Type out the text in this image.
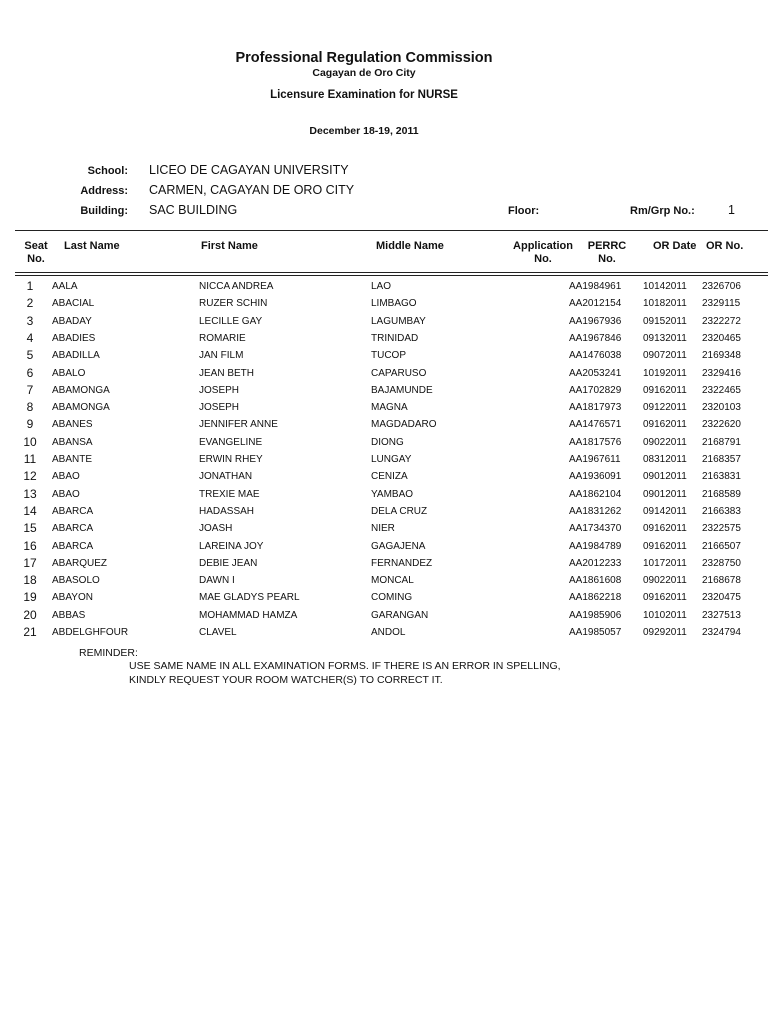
Professional Regulation Commission
Cagayan de Oro City
Licensure Examination for NURSE
December 18-19, 2011
School: LICEO DE CAGAYAN UNIVERSITY
Address: CARMEN, CAGAYAN DE ORO CITY
Building: SAC BUILDING	Floor:	Rm/Grp No.:	1
Seat
No.
Last Name	First Name	Middle Name	Application
No.
PERRC
No.
OR Date OR No.
1	AALA	NICCA ANDREA	LAO	AA1984961 10142011 2326706
2	ABACIAL	RUZER SCHIN	LIMBAGO	AA2012154 10182011 2329115
3	ABADAY	LECILLE GAY	LAGUMBAY	AA1967936 09152011 2322272
4	ABADIES	ROMARIE	TRINIDAD	AA1967846 09132011 2320465
5	ABADILLA	JAN FILM	TUCOP	AA1476038 09072011 2169348
6	ABALO	JEAN BETH	CAPARUSO	AA2053241 10192011 2329416
7	ABAMONGA	JOSEPH	BAJAMUNDE	AA1702829 09162011 2322465
8	ABAMONGA	JOSEPH	MAGNA	AA1817973 09122011 2320103
9	ABANES	JENNIFER ANNE	MAGDADARO	AA1476571 09162011 2322620
10	ABANSA	EVANGELINE	DIONG	AA1817576 09022011 2168791
11	ABANTE	ERWIN RHEY	LUNGAY	AA1967611 08312011 2168357
12	ABAO	JONATHAN	CENIZA	AA1936091 09012011 2163831
13	ABAO	TREXIE MAE	YAMBAO	AA1862104 09012011 2168589
14	ABARCA	HADASSAH	DELA CRUZ	AA1831262 09142011 2166383
15	ABARCA	JOASH	NIER	AA1734370 09162011 2322575
16	ABARCA	LAREINA JOY	GAGAJENA	AA1984789 09162011 2166507
17	ABARQUEZ	DEBIE JEAN	FERNANDEZ	AA2012233 10172011 2328750
18	ABASOLO	DAWN I	MONCAL	AA1861608 09022011 2168678
19	ABAYON	MAE GLADYS PEARL	COMING	AA1862218 09162011 2320475
20	ABBAS	MOHAMMAD HAMZA	GARANGAN	AA1985906 10102011 2327513
21	ABDELGHFOUR	CLAVEL	ANDOL	AA1985057 09292011 2324794
REMINDER:
USE SAME NAME IN ALL EXAMINATION FORMS. IF THERE IS AN ERROR IN SPELLING,
KINDLY REQUEST YOUR ROOM WATCHER(S) TO CORRECT IT.
